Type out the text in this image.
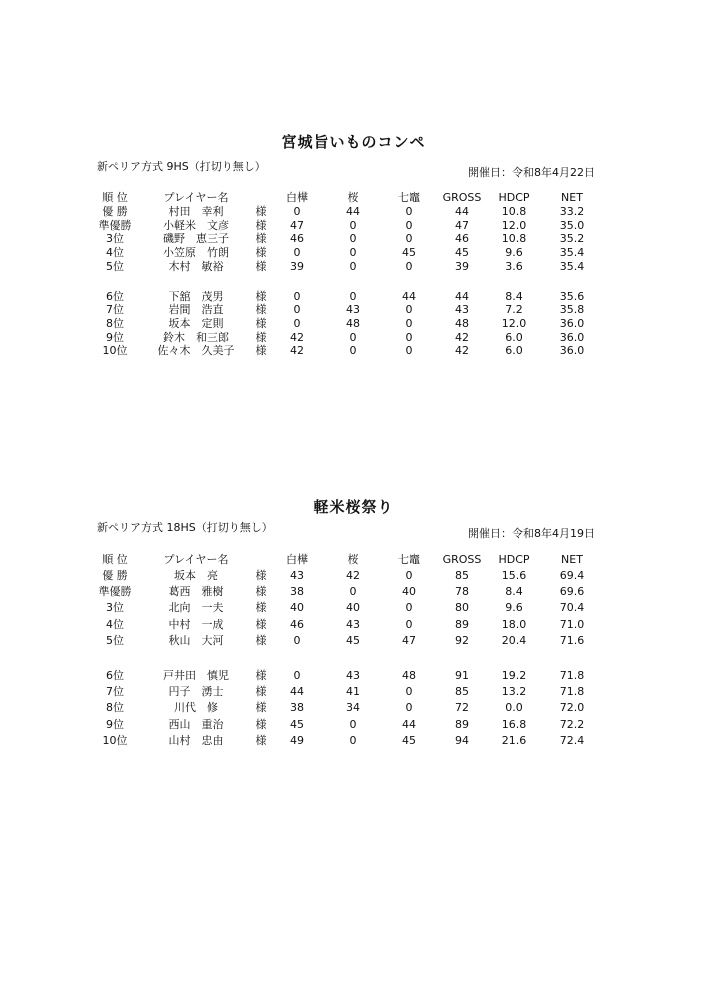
宮城旨いものコンペ
新ペリア方式 9HS（打切り無し）	開催日：令和8年4月22日
順 位	プレイヤー名	白樺	桜	七竈	GROSS	HDCP	NET
優 勝	村田　幸利	様	0	44	0	44	10.8	33.2
準優勝	小軽米　文彦	様	47	0	0	47	12.0	35.0
3位	磯野　恵三子	様	46	0	0	46	10.8	35.2
4位	小笠原　竹朗	様	0	0	45	45	9.6	35.4
5位	木村　敏裕	様	39	0	0	39	3.6	35.4
6位	下舘　茂男	様	0	0	44	44	8.4	35.6
7位	岩間　浩直	様	0	43	0	43	7.2	35.8
8位	坂本　定則	様	0	48	0	48	12.0	36.0
9位	鈴木　和三郎	様	42	0	0	42	6.0	36.0
10位	佐々木　久美子	様	42	0	0	42	6.0	36.0
軽米桜祭り
新ペリア方式 18HS（打切り無し）	開催日：令和8年4月19日
順 位	プレイヤー名	白樺	桜	七竈	GROSS	HDCP	NET
優 勝	坂本　亮	様	43	42	0	85	15.6	69.4
準優勝	葛西　雅樹	様	38	0	40	78	8.4	69.6
3位	北向　一夫	様	40	40	0	80	9.6	70.4
4位	中村　一成	様	46	43	0	89	18.0	71.0
5位	秋山　大河	様	0	45	47	92	20.4	71.6
6位	戸井田　慎児	様	0	43	48	91	19.2	71.8
7位	円子　湧士	様	44	41	0	85	13.2	71.8
8位	川代　修	様	38	34	0	72	0.0	72.0
9位	西山　重治	様	45	0	44	89	16.8	72.2
10位	山村　忠由	様	49	0	45	94	21.6	72.4
